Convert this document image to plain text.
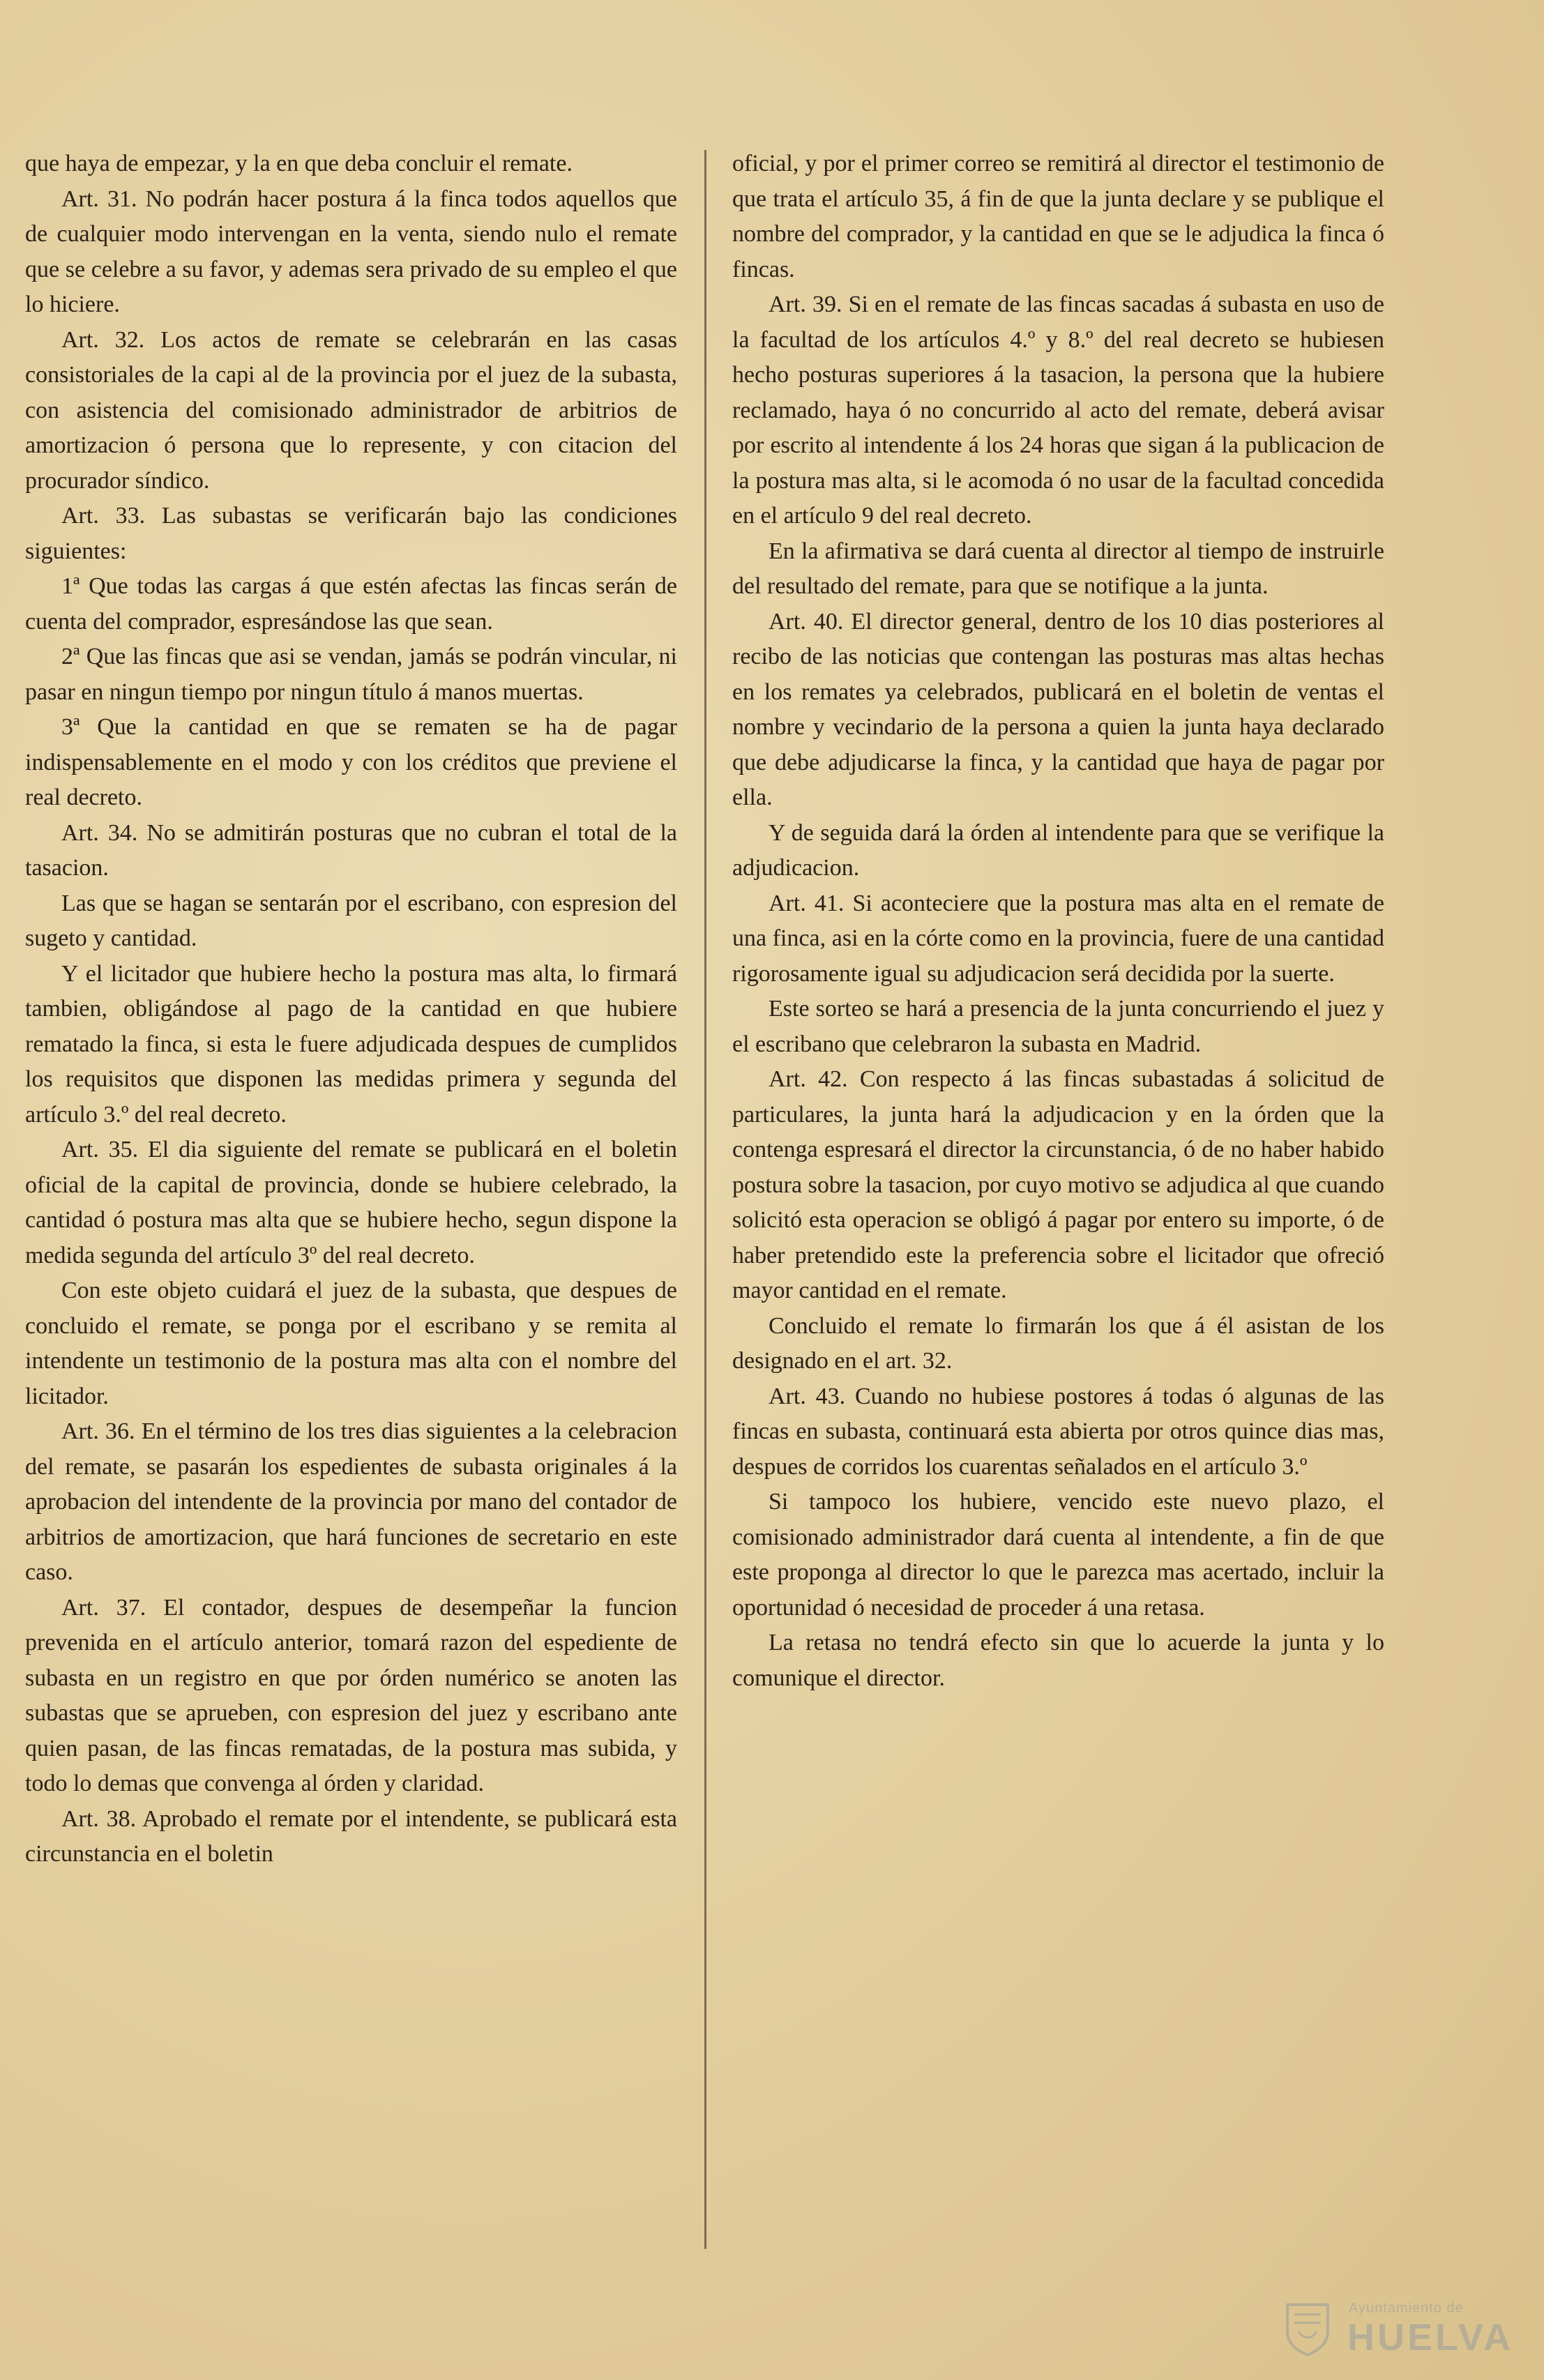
que haya de empezar, y la en que deba concluir el remate.

Art. 31. No podrán hacer postura á la finca todos aquellos que de cualquier modo intervengan en la venta, siendo nulo el remate que se celebre a su favor, y ademas sera privado de su empleo el que lo hiciere.

Art. 32. Los actos de remate se celebrarán en las casas consistoriales de la capi al de la provincia por el juez de la subasta, con asistencia del comisionado administrador de arbitrios de amortizacion ó persona que lo represente, y con citacion del procurador síndico.

Art. 33. Las subastas se verificarán bajo las condiciones siguientes:

1ª Que todas las cargas á que estén afectas las fincas serán de cuenta del comprador, espresándose las que sean.

2ª Que las fincas que asi se vendan, jamás se podrán vincular, ni pasar en ningun tiempo por ningun título á manos muertas.

3ª Que la cantidad en que se rematen se ha de pagar indispensablemente en el modo y con los créditos que previene el real decreto.

Art. 34. No se admitirán posturas que no cubran el total de la tasacion.

Las que se hagan se sentarán por el escribano, con espresion del sugeto y cantidad.

Y el licitador que hubiere hecho la postura mas alta, lo firmará tambien, obligándose al pago de la cantidad en que hubiere rematado la finca, si esta le fuere adjudicada despues de cumplidos los requisitos que disponen las medidas primera y segunda del artículo 3.º del real decreto.

Art. 35. El dia siguiente del remate se publicará en el boletin oficial de la capital de provincia, donde se hubiere celebrado, la cantidad ó postura mas alta que se hubiere hecho, segun dispone la medida segunda del artículo 3º del real decreto.

Con este objeto cuidará el juez de la subasta, que despues de concluido el remate, se ponga por el escribano y se remita al intendente un testimonio de la postura mas alta con el nombre del licitador.

Art. 36. En el término de los tres dias siguientes a la celebracion del remate, se pasarán los espedientes de subasta originales á la aprobacion del intendente de la provincia por mano del contador de arbitrios de amortizacion, que hará funciones de secretario en este caso.

Art. 37. El contador, despues de desempeñar la funcion prevenida en el artículo anterior, tomará razon del espediente de subasta en un registro en que por órden numérico se anoten las subastas que se aprueben, con espresion del juez y escribano ante quien pasan, de las fincas rematadas, de la postura mas subida, y todo lo demas que convenga al órden y claridad.

Art. 38. Aprobado el remate por el intendente, se publicará esta circunstancia en el boletin

oficial, y por el primer correo se remitirá al director el testimonio de que trata el artículo 35, á fin de que la junta declare y se publique el nombre del comprador, y la cantidad en que se le adjudica la finca ó fincas.

Art. 39. Si en el remate de las fincas sacadas á subasta en uso de la facultad de los artículos 4.º y 8.º del real decreto se hubiesen hecho posturas superiores á la tasacion, la persona que la hubiere reclamado, haya ó no concurrido al acto del remate, deberá avisar por escrito al intendente á los 24 horas que sigan á la publicacion de la postura mas alta, si le acomoda ó no usar de la facultad concedida en el artículo 9 del real decreto.

En la afirmativa se dará cuenta al director al tiempo de instruirle del resultado del remate, para que se notifique a la junta.

Art. 40. El director general, dentro de los 10 dias posteriores al recibo de las noticias que contengan las posturas mas altas hechas en los remates ya celebrados, publicará en el boletin de ventas el nombre y vecindario de la persona a quien la junta haya declarado que debe adjudicarse la finca, y la cantidad que haya de pagar por ella.

Y de seguida dará la órden al intendente para que se verifique la adjudicacion.

Art. 41. Si aconteciere que la postura mas alta en el remate de una finca, asi en la córte como en la provincia, fuere de una cantidad rigorosamente igual su adjudicacion será decidida por la suerte.

Este sorteo se hará a presencia de la junta concurriendo el juez y el escribano que celebraron la subasta en Madrid.

Art. 42. Con respecto á las fincas subastadas á solicitud de particulares, la junta hará la adjudicacion y en la órden que la contenga espresará el director la circunstancia, ó de no haber habido postura sobre la tasacion, por cuyo motivo se adjudica al que cuando solicitó esta operacion se obligó á pagar por entero su importe, ó de haber pretendido este la preferencia sobre el licitador que ofreció mayor cantidad en el remate.

Concluido el remate lo firmarán los que á él asistan de los designado en el art. 32.

Art. 43. Cuando no hubiese postores á todas ó algunas de las fincas en subasta, continuará esta abierta por otros quince dias mas, despues de corridos los cuarentas señalados en el artículo 3.º

Si tampoco los hubiere, vencido este nuevo plazo, el comisionado administrador dará cuenta al intendente, a fin de que este proponga al director lo que le parezca mas acertado, incluir la oportunidad ó necesidad de proceder á una retasa.

La retasa no tendrá efecto sin que lo acuerde la junta y lo comunique el director.

Ayuntamiento de
HUELVA
